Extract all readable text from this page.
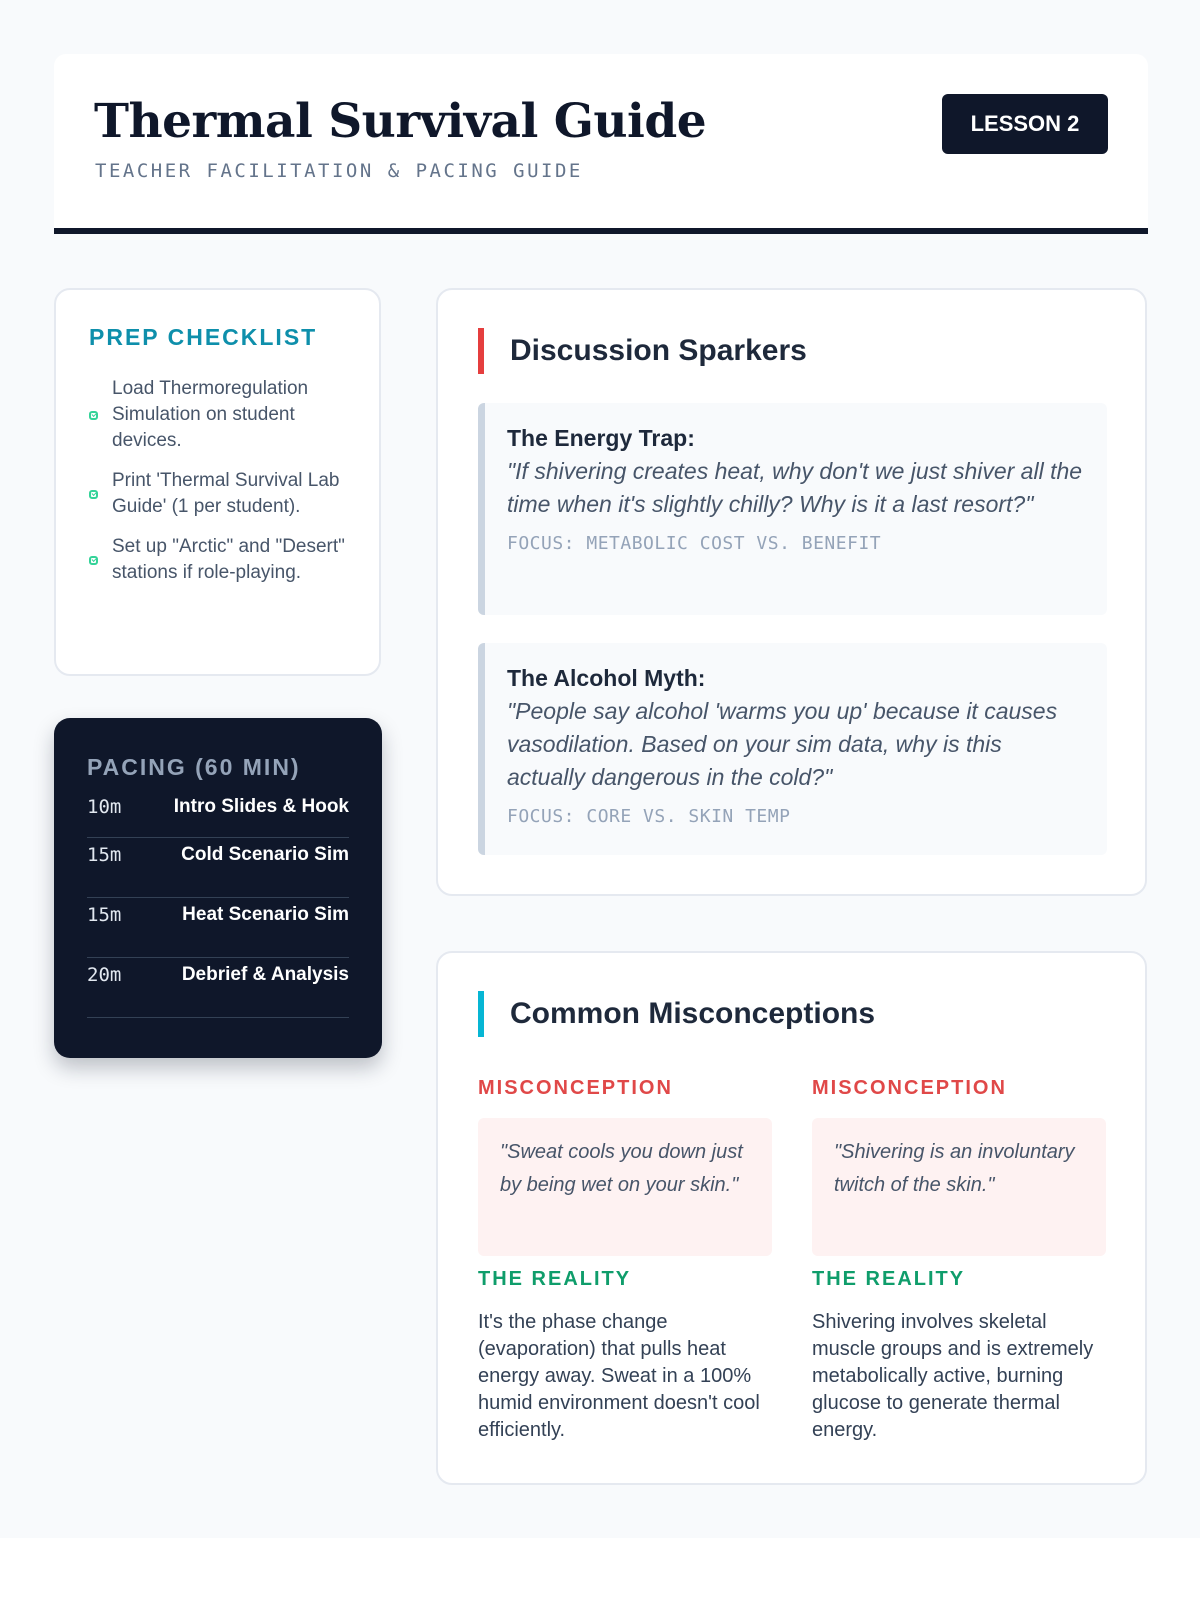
Thermal Survival Guide
TEACHER FACILITATION & PACING GUIDE
LESSON 2
PREP CHECKLIST
Load Thermoregulation Simulation on student devices.
Print 'Thermal Survival Lab Guide' (1 per student).
Set up "Arctic" and "Desert" stations if role-playing.
PACING (60 MIN)
10m	Intro Slides & Hook
15m	Cold Scenario Sim
15m	Heat Scenario Sim
20m	Debrief & Analysis
Discussion Sparkers
The Energy Trap:
"If shivering creates heat, why don't we just shiver all the time when it's slightly chilly? Why is it a last resort?"
FOCUS: METABOLIC COST VS. BENEFIT
The Alcohol Myth:
"People say alcohol 'warms you up' because it causes vasodilation. Based on your sim data, why is this actually dangerous in the cold?"
FOCUS: CORE VS. SKIN TEMP
Common Misconceptions
MISCONCEPTION
"Sweat cools you down just by being wet on your skin."
THE REALITY
It's the phase change (evaporation) that pulls heat energy away. Sweat in a 100% humid environment doesn't cool efficiently.
MISCONCEPTION
"Shivering is an involuntary twitch of the skin."
THE REALITY
Shivering involves skeletal muscle groups and is extremely metabolically active, burning glucose to generate thermal energy.
